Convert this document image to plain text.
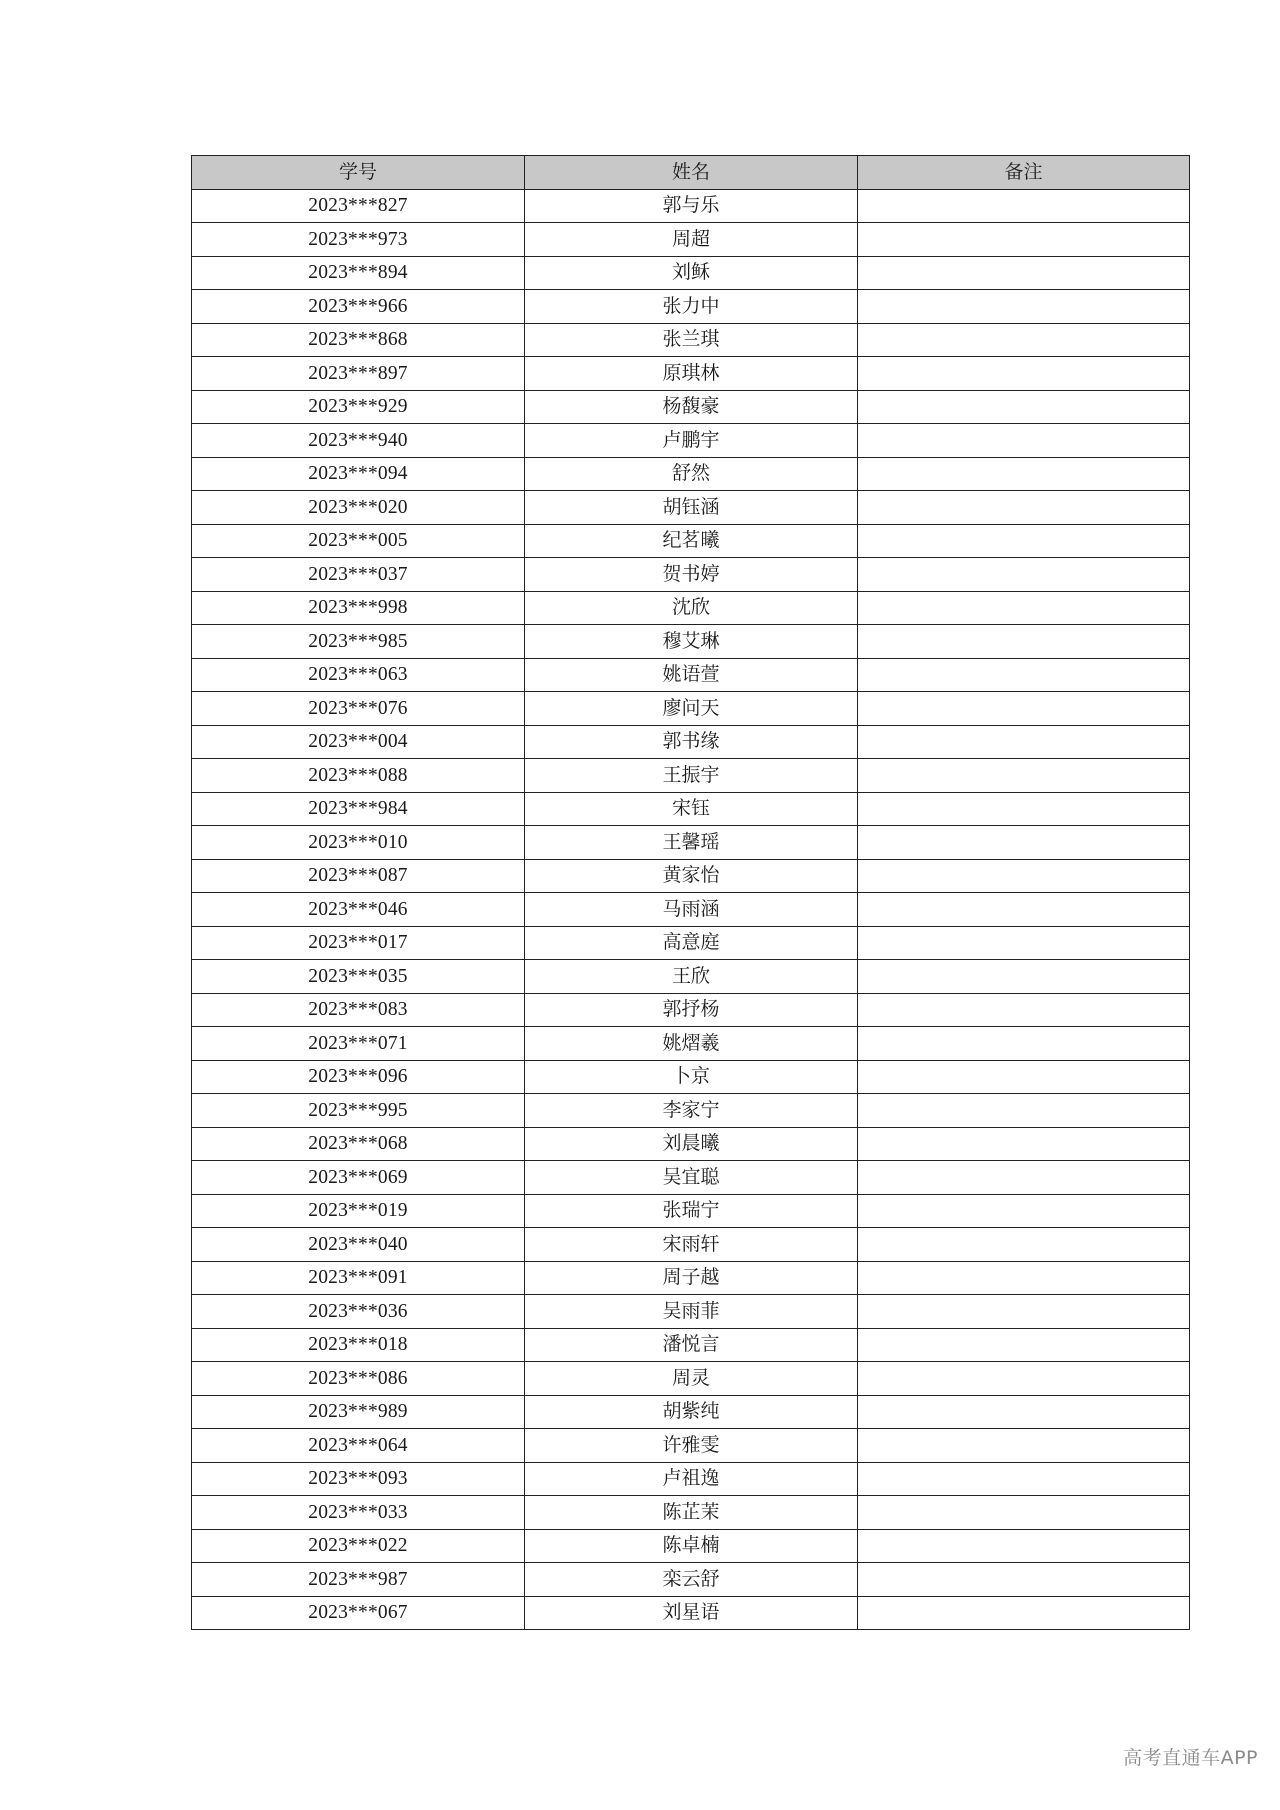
学号	姓名	备注
2023***827	郭与乐	
2023***973	周超	
2023***894	刘稣	
2023***966	张力中	
2023***868	张兰琪	
2023***897	原琪林	
2023***929	杨馥豪	
2023***940	卢鹏宇	
2023***094	舒然	
2023***020	胡钰涵	
2023***005	纪茗曦	
2023***037	贺书婷	
2023***998	沈欣	
2023***985	穆艾琳	
2023***063	姚语萱	
2023***076	廖问天	
2023***004	郭书缘	
2023***088	王振宇	
2023***984	宋钰	
2023***010	王馨瑶	
2023***087	黄家怡	
2023***046	马雨涵	
2023***017	高意庭	
2023***035	王欣	
2023***083	郭抒杨	
2023***071	姚熠羲	
2023***096	卜京	
2023***995	李家宁	
2023***068	刘晨曦	
2023***069	吴宜聪	
2023***019	张瑞宁	
2023***040	宋雨轩	
2023***091	周子越	
2023***036	吴雨菲	
2023***018	潘悦言	
2023***086	周灵	
2023***989	胡紫纯	
2023***064	许雅雯	
2023***093	卢祖逸	
2023***033	陈芷茉	
2023***022	陈卓楠	
2023***987	栾云舒	
2023***067	刘星语	
高考直通车APP
